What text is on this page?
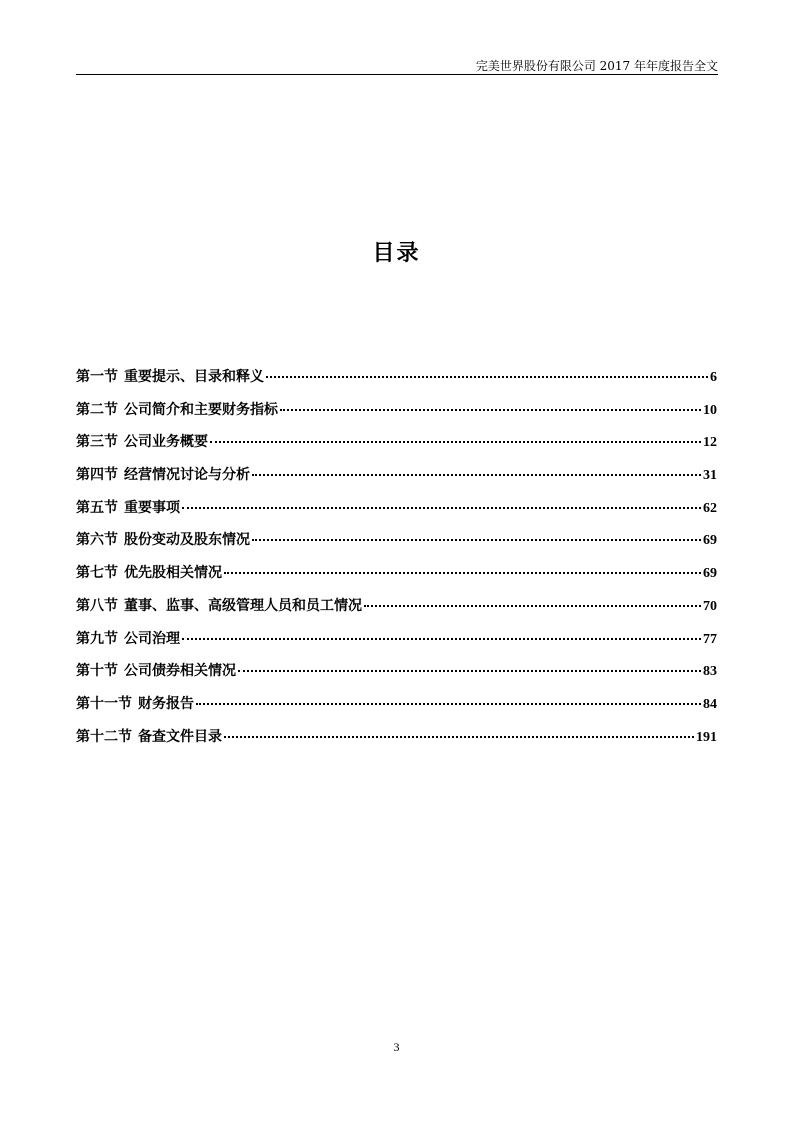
完美世界股份有限公司 2017 年年度报告全文
目录
第一节 重要提示、目录和释义	6
第二节 公司简介和主要财务指标	10
第三节 公司业务概要	12
第四节 经营情况讨论与分析	31
第五节 重要事项	62
第六节 股份变动及股东情况	69
第七节 优先股相关情况	69
第八节 董事、监事、高级管理人员和员工情况	70
第九节 公司治理	77
第十节 公司债券相关情况	83
第十一节 财务报告	84
第十二节 备查文件目录	191
3
